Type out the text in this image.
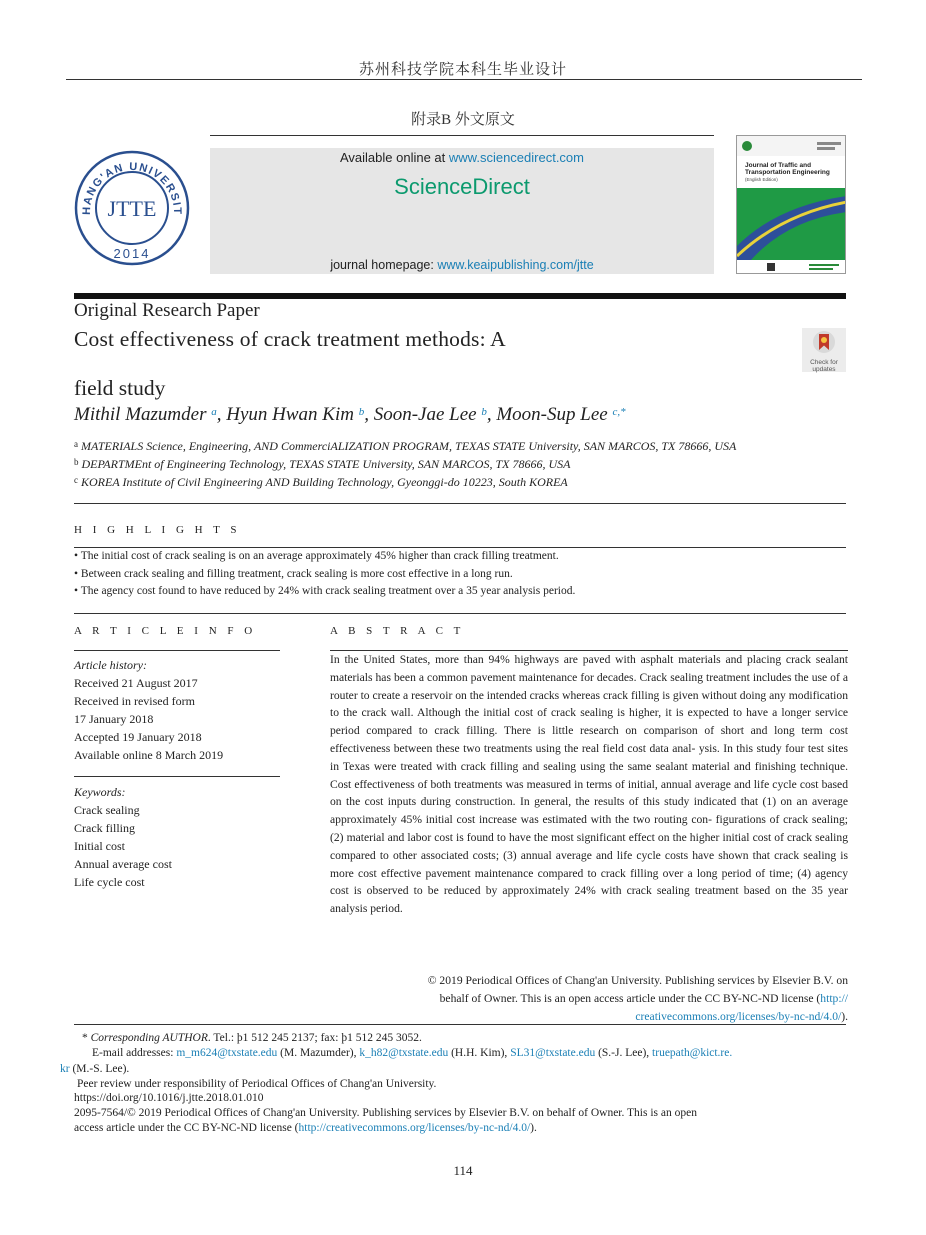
苏州科技学院本科生毕业设计
附录B 外文原文
HANG'AN UNIVERSIT
JTTE
2014
Available online at www.sciencedirect.com
ScienceDirect
journal homepage: www.keaipublishing.com/jtte
Journal of Traffic and Transportation Engineering
(English Edition)
Original Research Paper
Cost effectiveness of crack treatment methods: A
field study
Check for updates
Mithil Mazumder $^a$, Hyun Hwan Kim $^b$, Soon-Jae Lee $^b$, Moon-Sup Lee $^{c,*}$
$^a$ MATERIALS Science, Engineering, AND CommerciALIZATION PROGRAM, TEXAS STATE University, SAN MARCOS, TX 78666, USA
$^b$ DEPARTMEnt of Engineering Technology, TEXAS STATE University, SAN MARCOS, TX 78666, USA
$^c$ KOREA Institute of Civil Engineering AND Building Technology, Gyeonggi-do 10223, South KOREA
H I G H L I G H T S
• The initial cost of crack sealing is on an average approximately 45% higher than crack filling treatment.
• Between crack sealing and filling treatment, crack sealing is more cost effective in a long run.
• The agency cost found to have reduced by 24% with crack sealing treatment over a 35 year analysis period.
A R T I C L E I N F O
Article history:
Received 21 August 2017
Received in revised form
17 January 2018
Accepted 19 January 2018
Available online 8 March 2019
Keywords:
Crack sealing
Crack filling
Initial cost
Annual average cost
Life cycle cost
A B S T R A C T
In the United States, more than 94% highways are paved with asphalt materials and placing crack sealant materials has been a common pavement maintenance for decades. Crack sealing treatment includes the use of a router to create a reservoir on the intended cracks whereas crack filling is given without doing any modification to the crack wall. Although the initial cost of crack sealing is higher, it is expected to have a longer service period compared to crack filling. There is little research on comparison of short and long term cost effectiveness between these two treatments using the real field cost data anal- ysis. In this study four test sites in Texas were treated with crack filling and sealing using the same sealant material and finishing technique. Cost effectiveness of both treatments was measured in terms of initial, annual average and life cycle cost based on the cost inputs during construction. In general, the results of this study indicated that (1) on an average approximately 45% initial cost increase was estimated with the two routing con- figurations of crack sealing; (2) material and labor cost is found to have the most significant effect on the higher initial cost of crack sealing compared to other associated costs; (3) annual average and life cycle costs have shown that crack sealing is more cost effective pavement maintenance compared to crack filling over a long period of time; (4) agency cost is observed to be reduced by approximately 24% with crack sealing treatment based on the 35 year analysis period.
© 2019 Periodical Offices of Chang'an University. Publishing services by Elsevier B.V. on
behalf of Owner. This is an open access article under the CC BY-NC-ND license (http://
creativecommons.org/licenses/by-nc-nd/4.0/).
* Corresponding AUTHOR. Tel.: þ1 512 245 2137; fax: þ1 512 245 3052.
E-mail addresses: m_m624@txstate.edu (M. Mazumder), k_h82@txstate.edu (H.H. Kim), SL31@txstate.edu (S.-J. Lee), truepath@kict.re.
kr (M.-S. Lee).
Peer review under responsibility of Periodical Offices of Chang'an University.
https://doi.org/10.1016/j.jtte.2018.01.010
2095-7564/© 2019 Periodical Offices of Chang'an University. Publishing services by Elsevier B.V. on behalf of Owner. This is an open
access article under the CC BY-NC-ND license (http://creativecommons.org/licenses/by-nc-nd/4.0/).
114
